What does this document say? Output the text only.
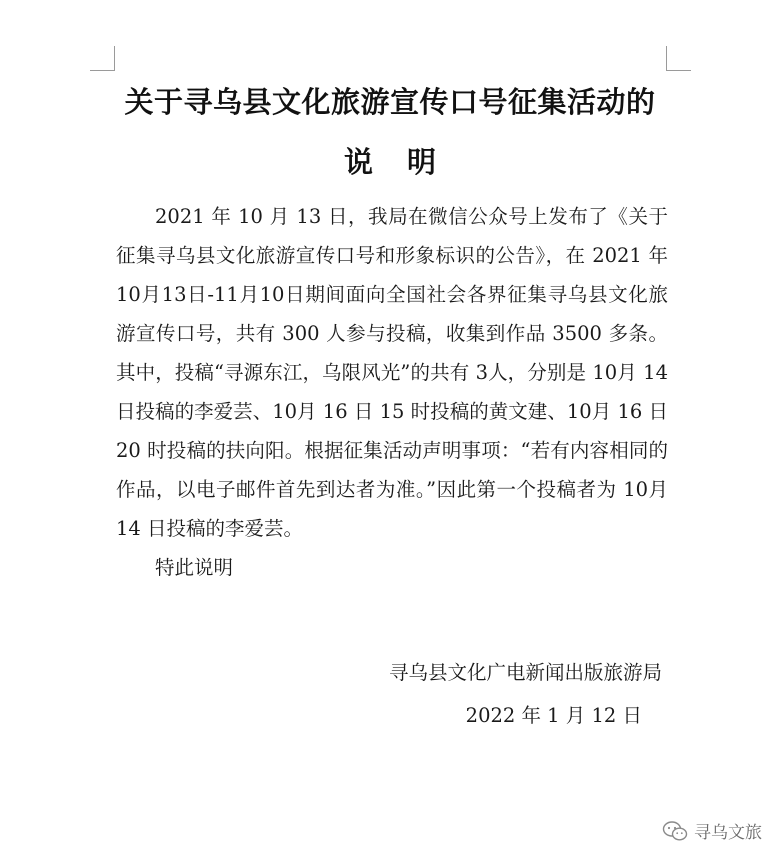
关于寻乌县文化旅游宣传口号征集活动的
说明

2021 年 10 月 13 日，我局在微信公众号上发布了《关于征集寻乌县文化旅游宣传口号和形象标识的公告》，在 2021 年10月13日-11月10日期间面向全国社会各界征集寻乌县文化旅游宣传口号，共有 300 人参与投稿，收集到作品 3500 多条。其中，投稿“寻源东江，乌限风光”的共有 3人，分别是 10月 14 日投稿的李爱芸、10月 16 日 15 时投稿的黄文建、10月 16 日 20 时投稿的扶向阳。根据征集活动声明事项：“若有内容相同的作品，以电子邮件首先到达者为准。”因此第一个投稿者为 10月 14 日投稿的李爱芸。

特此说明

寻乌县文化广电新闻出版旅游局
2022 年 1 月 12 日
寻乌文旅
